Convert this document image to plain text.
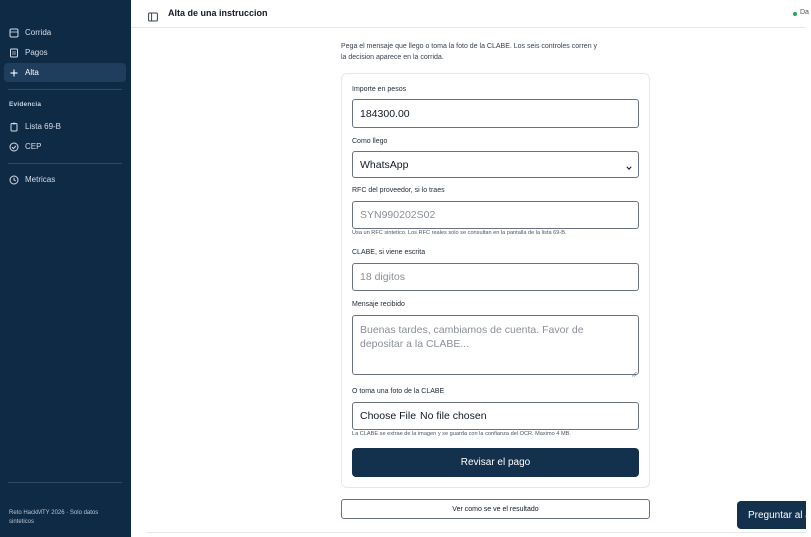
Corrida
Pagos
Alta
Evidencia
Lista 69-B
CEP
Metricas
Reto HackMTY 2026 · Solo datos sinteticos
Alta de una instruccion	Da

Pega el mensaje que llego o toma la foto de la CLABE. Los seis controles corren y la decision aparece en la corrida.

Importe en pesos
184300.00
Como llego
WhatsApp
RFC del proveedor, si lo traes
SYN990202S02
Usa un RFC sintetico. Los RFC reales solo se consultan en la pantalla de la lista 69-B.
CLABE, si viene escrita
18 digitos
Mensaje recibido
Buenas tardes, cambiamos de cuenta. Favor de depositar a la CLABE...
O toma una foto de la CLABE
Choose File No file chosen
La CLABE se extrae de la imagen y se guarda con la confianza del OCR. Maximo 4 MB.
Revisar el pago
Ver como se ve el resultado
Preguntar al a
